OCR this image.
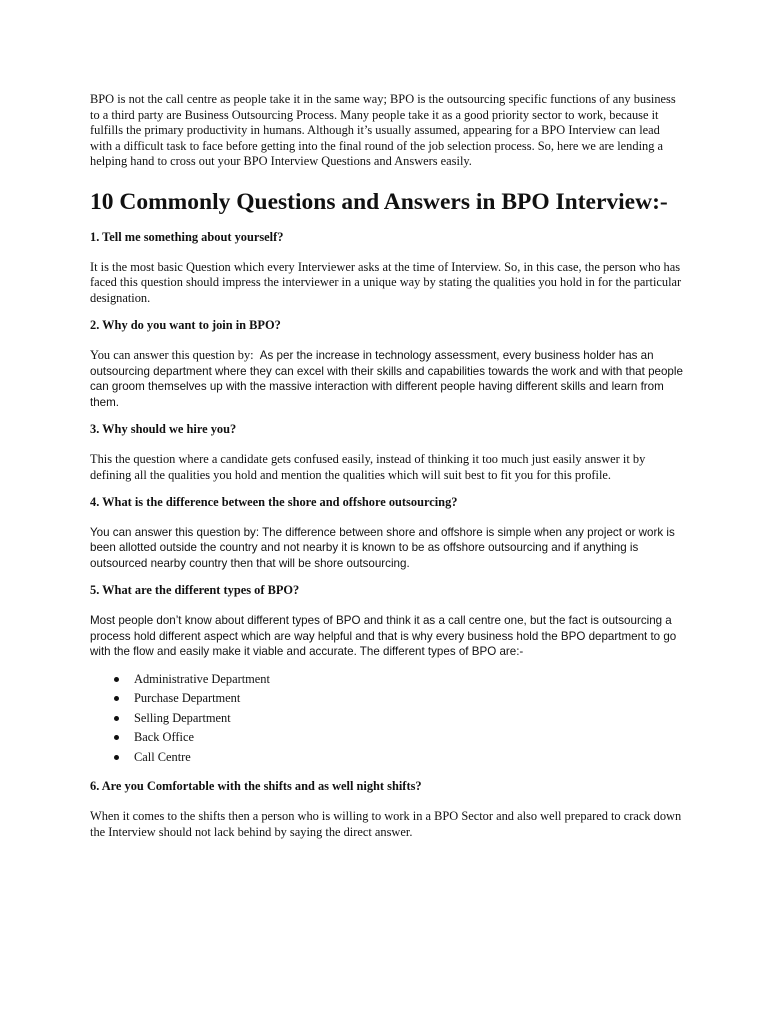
BPO is not the call centre as people take it in the same way; BPO is the outsourcing specific functions of any business to a third party are Business Outsourcing Process. Many people take it as a good priority sector to work, because it fulfills the primary productivity in humans. Although it’s usually assumed, appearing for a BPO Interview can lead with a difficult task to face before getting into the final round of the job selection process. So, here we are lending a helping hand to cross out your BPO Interview Questions and Answers easily.

10 Commonly Questions and Answers in BPO Interview:-

1. Tell me something about yourself?

It is the most basic Question which every Interviewer asks at the time of Interview. So, in this case, the person who has faced this question should impress the interviewer in a unique way by stating the qualities you hold in for the particular designation.

2. Why do you want to join in BPO?

You can answer this question by:  As per the increase in technology assessment, every business holder has an outsourcing department where they can excel with their skills and capabilities towards the work and with that people can groom themselves up with the massive interaction with different people having different skills and learn from them.

3. Why should we hire you?

This the question where a candidate gets confused easily, instead of thinking it too much just easily answer it by defining all the qualities you hold and mention the qualities which will suit best to fit you for this profile.

4. What is the difference between the shore and offshore outsourcing?

You can answer this question by: The difference between shore and offshore is simple when any project or work is been allotted outside the country and not nearby it is known to be as offshore outsourcing and if anything is outsourced nearby country then that will be shore outsourcing.

5. What are the different types of BPO?

Most people don’t know about different types of BPO and think it as a call centre one, but the fact is outsourcing a process hold different aspect which are way helpful and that is why every business hold the BPO department to go with the flow and easily make it viable and accurate. The different types of BPO are:-

Administrative Department
Purchase Department
Selling Department
Back Office
Call Centre

6. Are you Comfortable with the shifts and as well night shifts?

When it comes to the shifts then a person who is willing to work in a BPO Sector and also well prepared to crack down the Interview should not lack behind by saying the direct answer.
